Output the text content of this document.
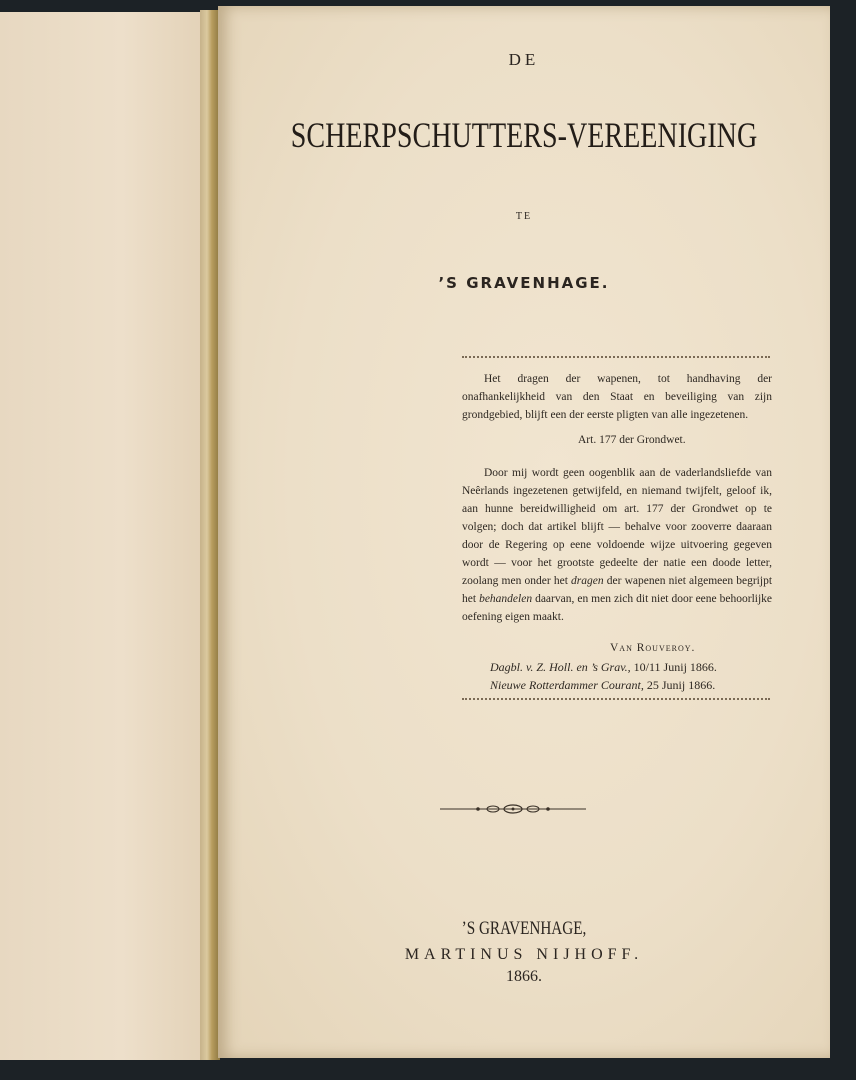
DE
SCHERPSCHUTTERS-VEREENIGING
TE
’S GRAVENHAGE.
Het dragen der wapenen, tot handhaving der onafhankelijkheid van den Staat en beveiliging van zijn grondgebied, blijft een der eerste pligten van alle ingezetenen.
Art. 177 der Grondwet.
Door mij wordt geen oogenblik aan de vaderlandsliefde van Neêrlands ingezetenen getwijfeld, en niemand twijfelt, geloof ik, aan hunne bereidwilligheid om art. 177 der Grondwet op te volgen; doch dat artikel blijft — behalve voor zooverre daaraan door de Regering op eene voldoende wijze uitvoering gegeven wordt — voor het grootste gedeelte der natie een doode letter, zoolang men onder het dragen der wapenen niet algemeen begrijpt het behandelen daarvan, en men zich dit niet door eene behoorlijke oefening eigen maakt.
Van Rouveroy.
Dagbl. v. Z. Holl. en ’s Grav., 10/11 Junij 1866.
Nieuwe Rotterdammer Courant, 25 Junij 1866.
’S GRAVENHAGE,
MARTINUS NIJHOFF.
1866.
